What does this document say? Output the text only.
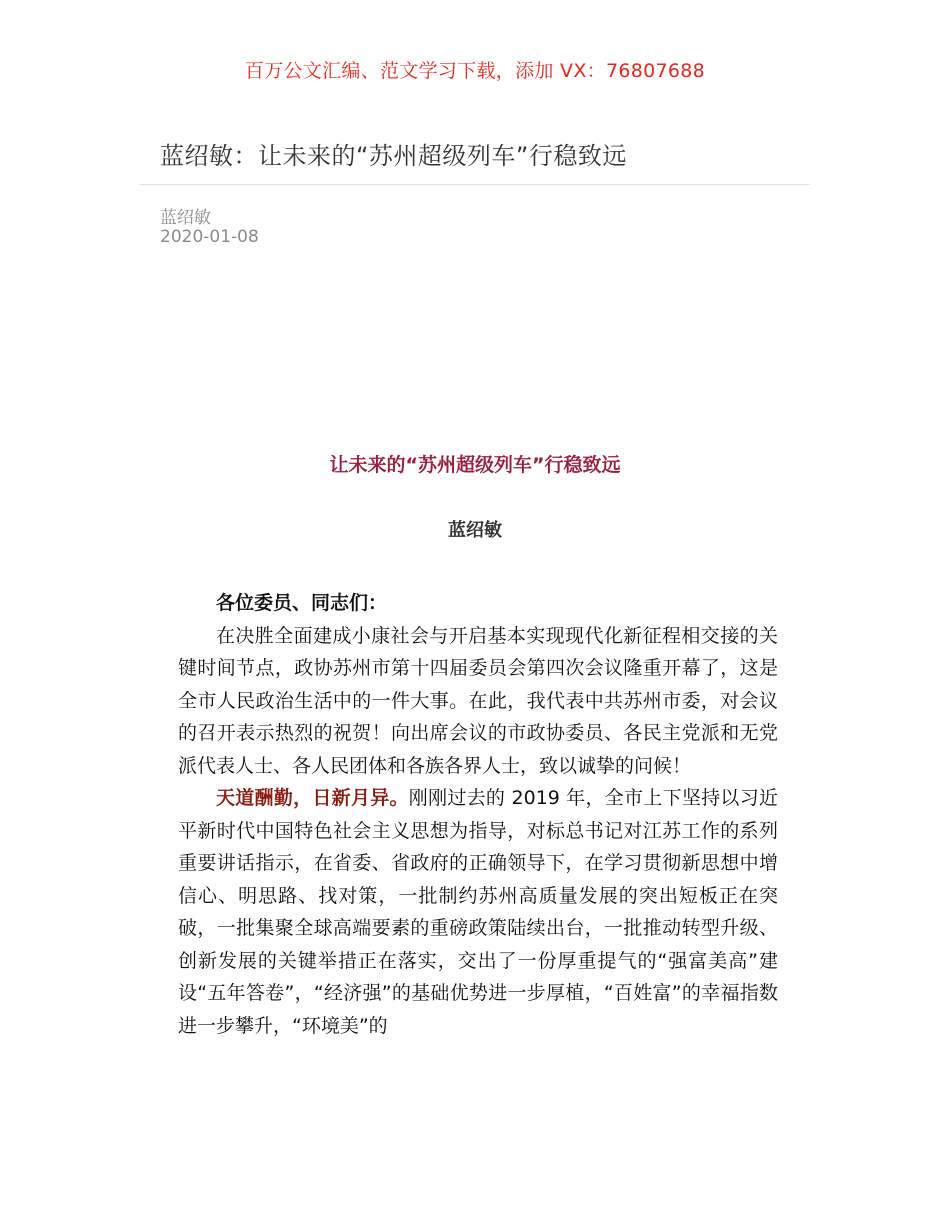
百万公文汇编、范文学习下载，添加 VX：76807688
蓝绍敏：让未来的“苏州超级列车”行稳致远
蓝绍敏
2020-01-08
让未来的“苏州超级列车”行稳致远
蓝绍敏

各位委员、同志们：

在决胜全面建成小康社会与开启基本实现现代化新征程相交接的关键时间节点，政协苏州市第十四届委员会第四次会议隆重开幕了，这是全市人民政治生活中的一件大事。在此，我代表中共苏州市委，对会议的召开表示热烈的祝贺！向出席会议的市政协委员、各民主党派和无党派代表人士、各人民团体和各族各界人士，致以诚挚的问候！

天道酬勤，日新月异。刚刚过去的 2019 年，全市上下坚持以习近平新时代中国特色社会主义思想为指导，对标总书记对江苏工作的系列重要讲话指示，在省委、省政府的正确领导下，在学习贯彻新思想中增信心、明思路、找对策，一批制约苏州高质量发展的突出短板正在突破，一批集聚全球高端要素的重磅政策陆续出台，一批推动转型升级、创新发展的关键举措正在落实，交出了一份厚重提气的“强富美高”建设“五年答卷”，“经济强”的基础优势进一步厚植，“百姓富”的幸福指数进一步攀升，“环境美”的
